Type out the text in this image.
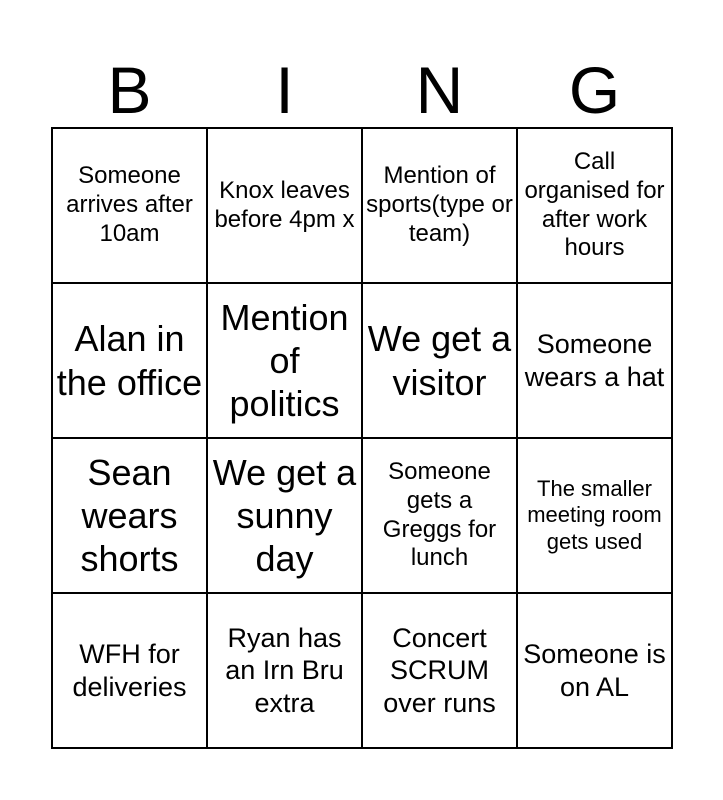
B	I	N	G
Someone arrives after 10am	Knox leaves before 4pm x	Mention of sports(type or team)	Call organised for after work hours
Alan in the office	Mention of politics	We get a visitor	Someone wears a hat
Sean wears shorts	We get a sunny day	Someone gets a Greggs for lunch	The smaller meeting room gets used
WFH for deliveries	Ryan has an Irn Bru extra	Concert SCRUM over runs	Someone is on AL
